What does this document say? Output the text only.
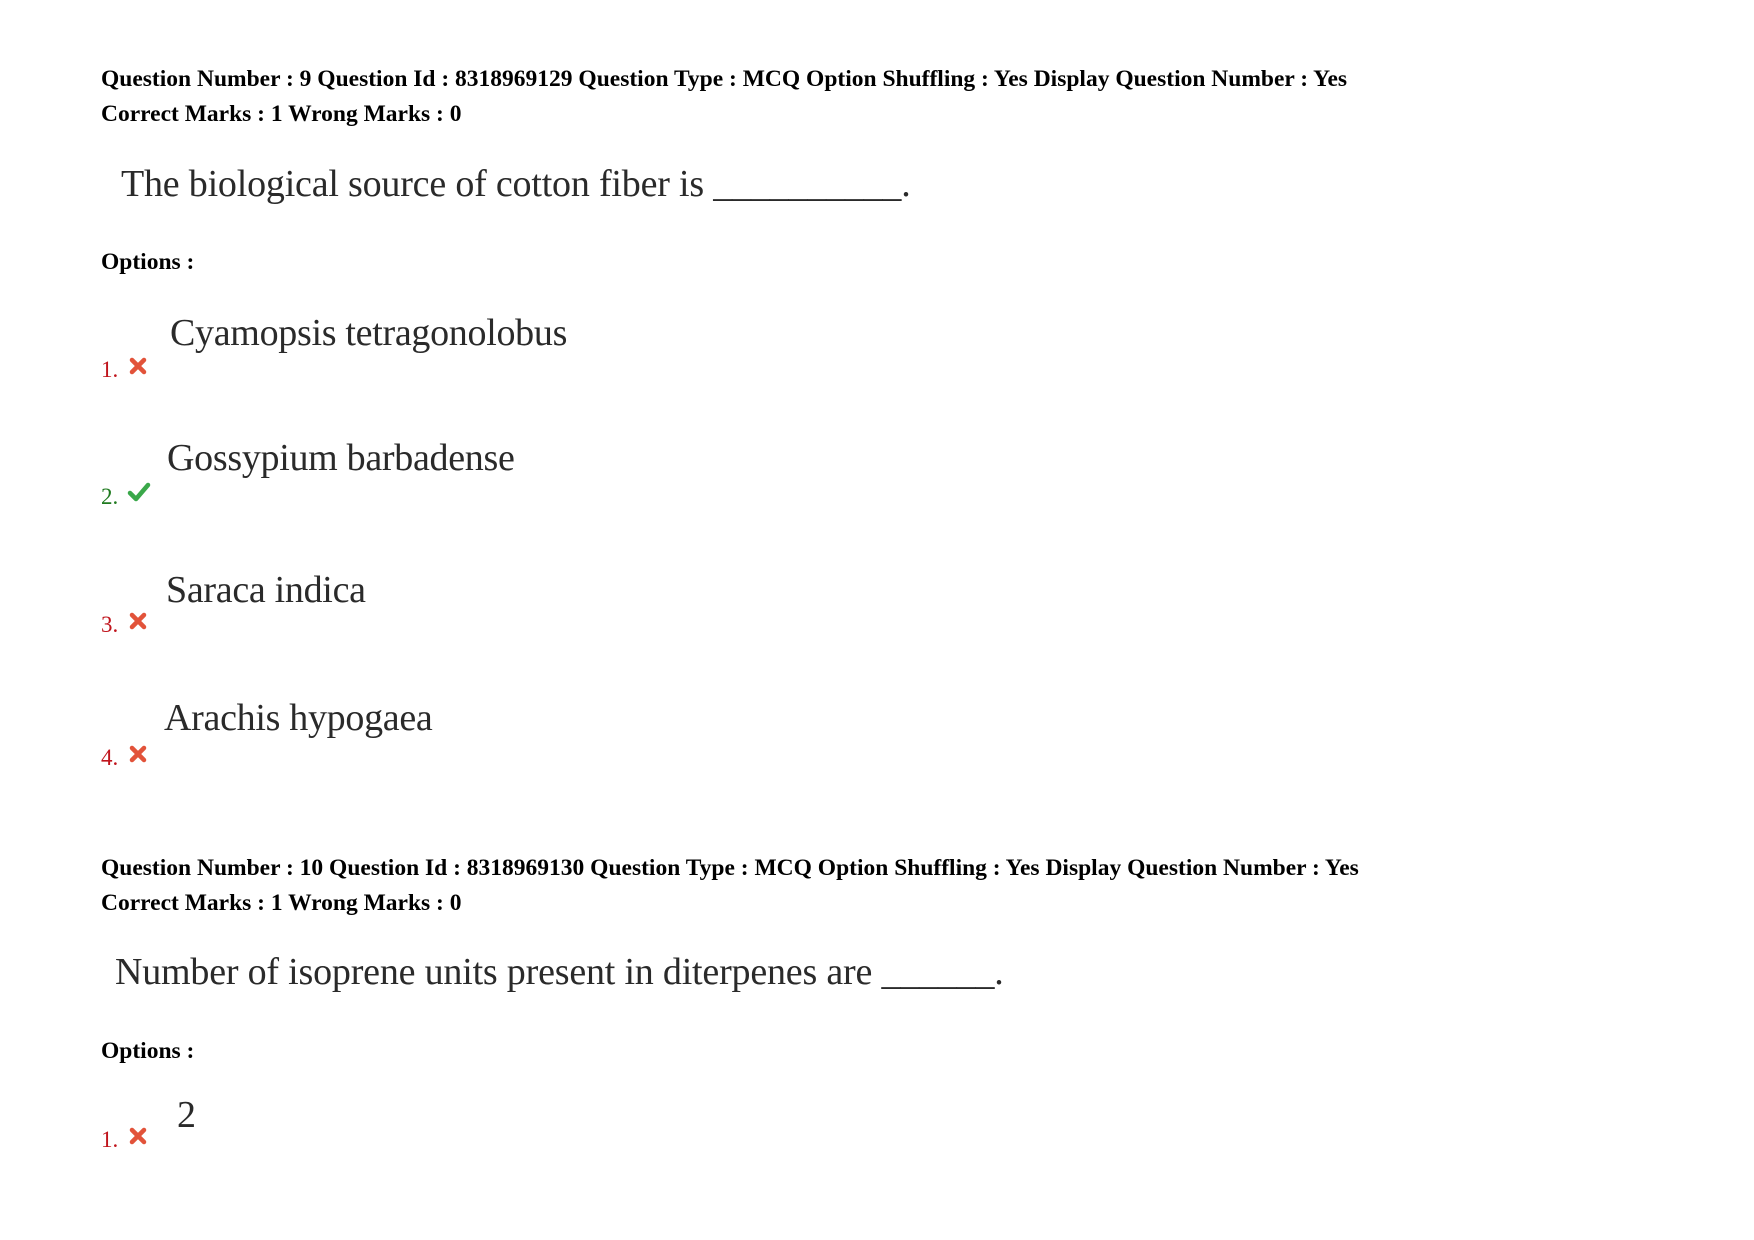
Question Number : 9 Question Id : 8318969129 Question Type : MCQ Option Shuffling : Yes Display Question Number : Yes
Correct Marks : 1 Wrong Marks : 0
The biological source of cotton fiber is __________.
Options :
Cyamopsis tetragonolobus
1.
Gossypium barbadense
2.
Saraca indica
3.
Arachis hypogaea
4.
Question Number : 10 Question Id : 8318969130 Question Type : MCQ Option Shuffling : Yes Display Question Number : Yes
Correct Marks : 1 Wrong Marks : 0
Number of isoprene units present in diterpenes are ______.
Options :
2
1.
